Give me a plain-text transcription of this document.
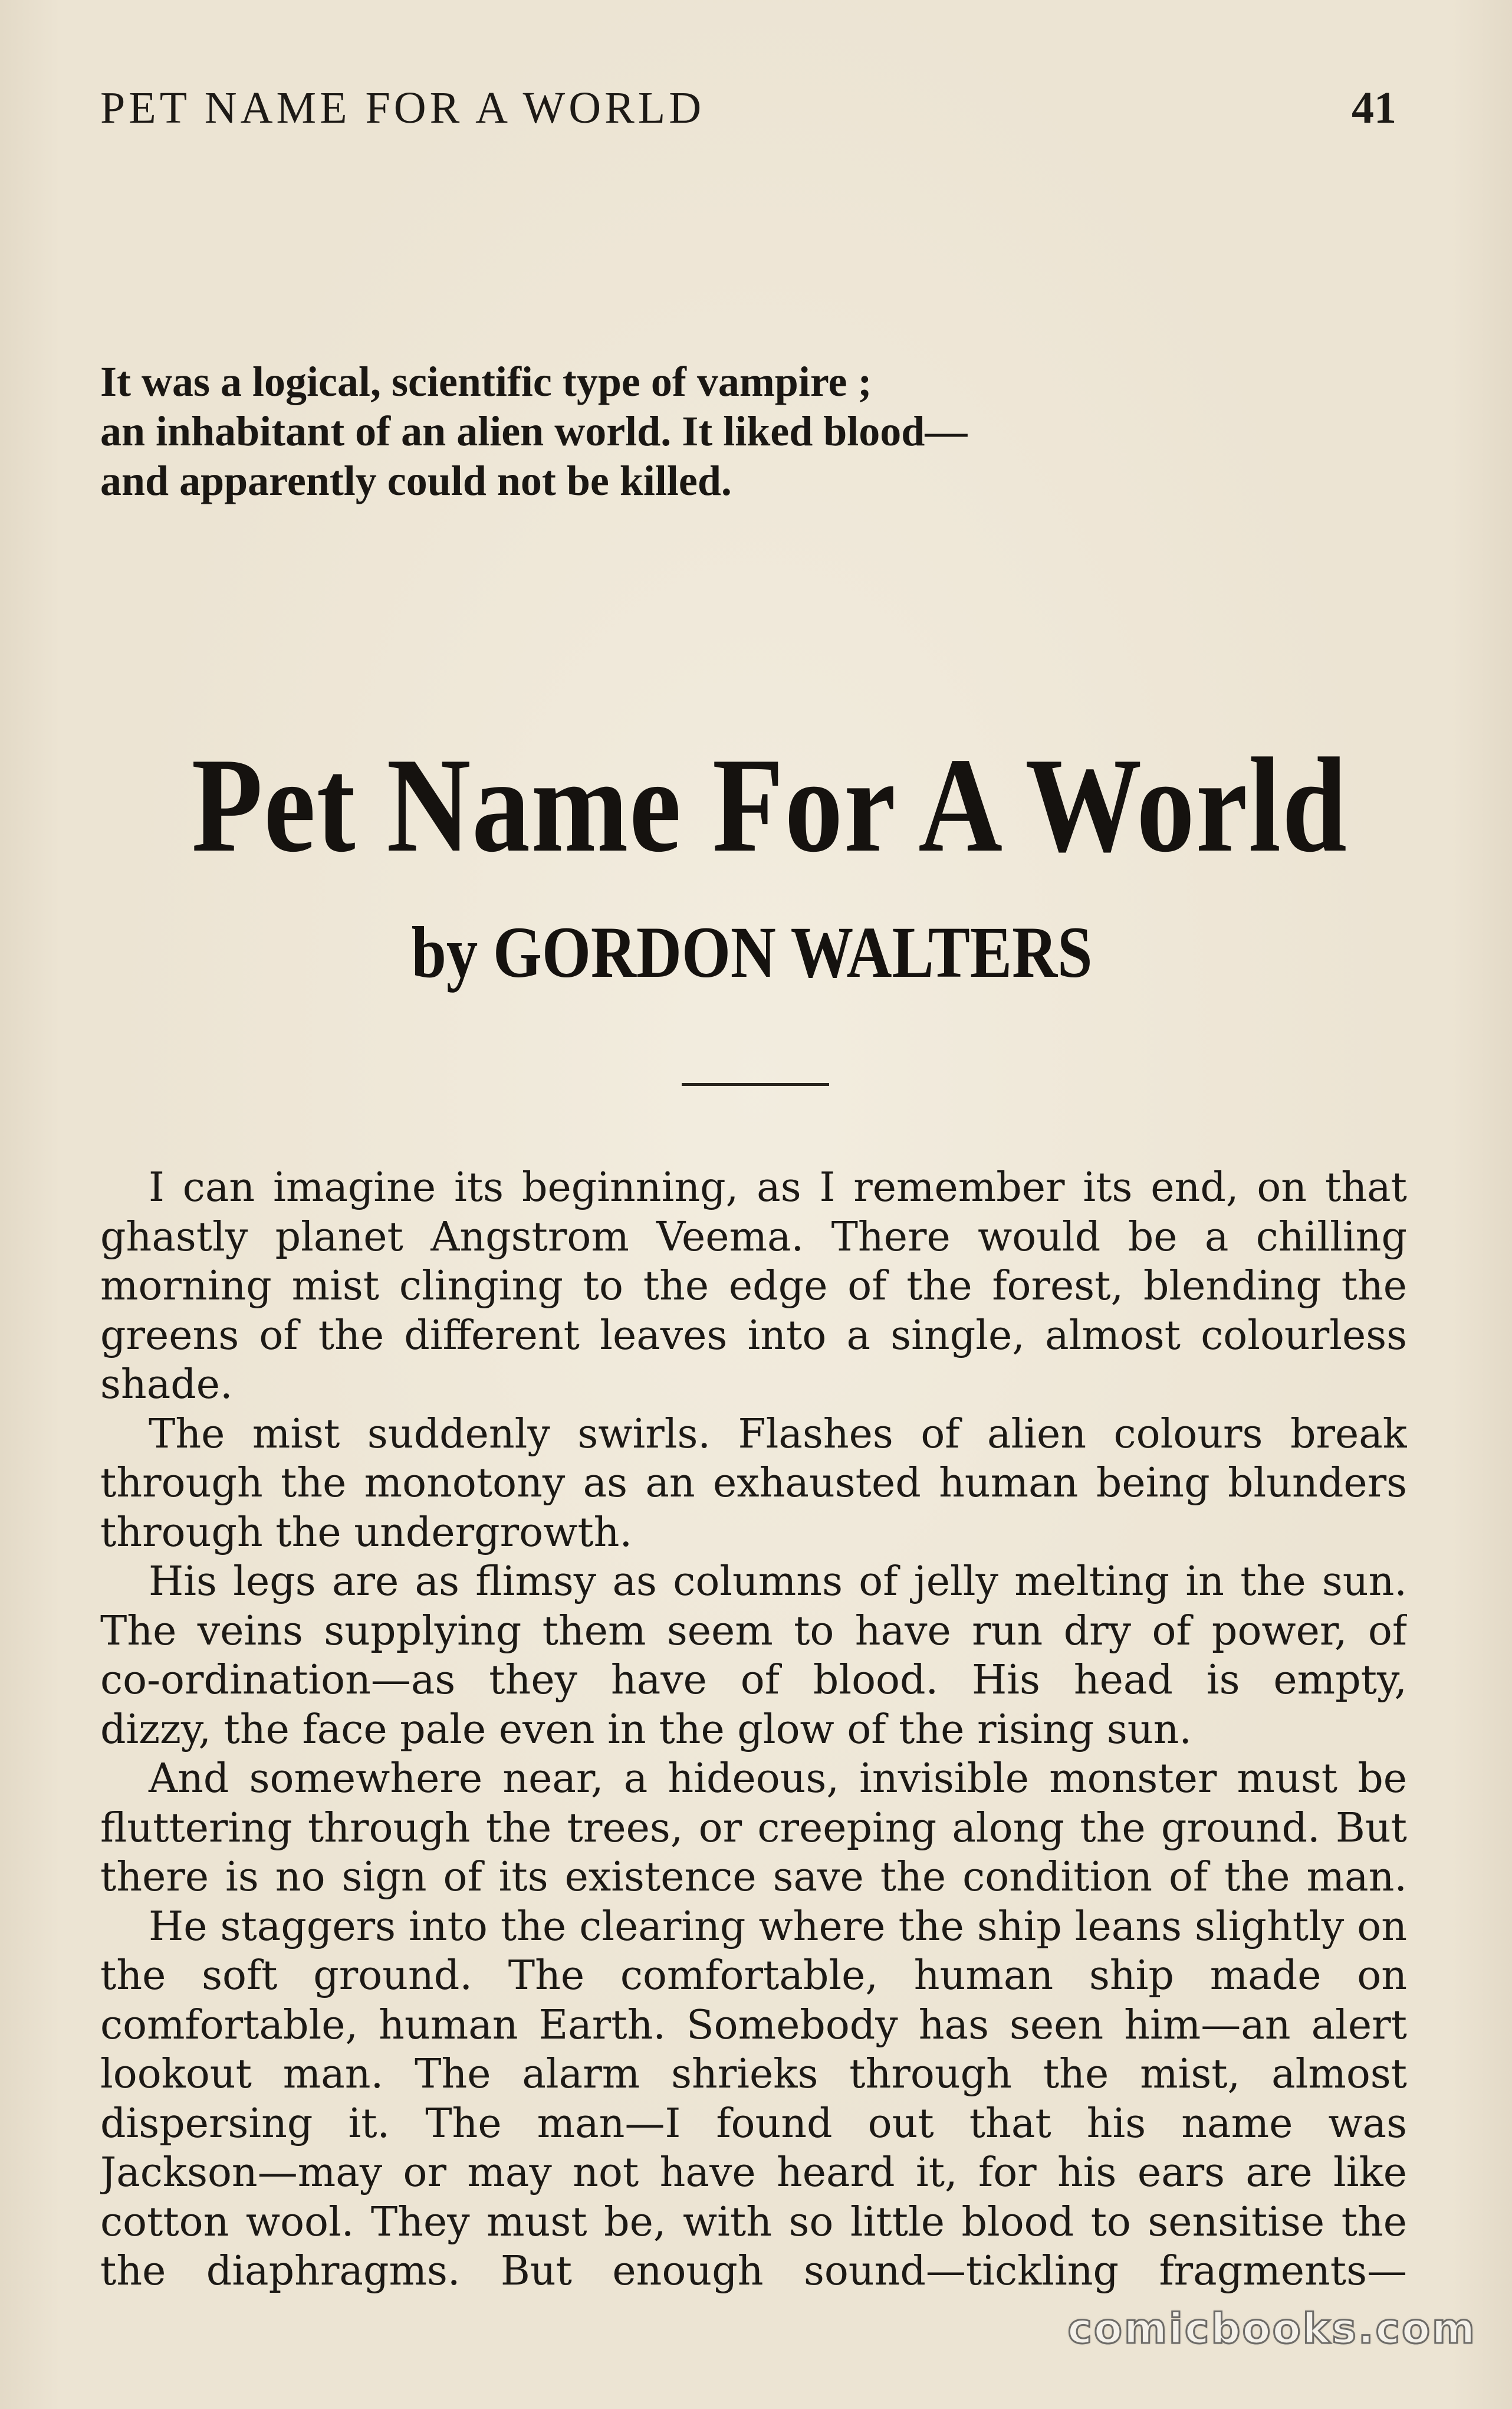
PET NAME FOR A WORLD	41
It was a logical, scientific type of vampire ;
an inhabitant of an alien world. It liked blood—
and apparently could not be killed.
Pet Name For A World
by GORDON WALTERS
I can imagine its beginning, as I remember its end, on that
ghastly planet Angstrom Veema. There would be a chilling
morning mist clinging to the edge of the forest, blending the
greens of the different leaves into a single, almost colourless
shade.
The mist suddenly swirls. Flashes of alien colours break
through the monotony as an exhausted human being blunders
through the undergrowth.
His legs are as flimsy as columns of jelly melting in the sun.
The veins supplying them seem to have run dry of power, of
co-ordination—as they have of blood. His head is empty,
dizzy, the face pale even in the glow of the rising sun.
And somewhere near, a hideous, invisible monster must be
fluttering through the trees, or creeping along the ground. But
there is no sign of its existence save the condition of the man.
He staggers into the clearing where the ship leans slightly on
the soft ground. The comfortable, human ship made on
comfortable, human Earth. Somebody has seen him—an alert
lookout man. The alarm shrieks through the mist, almost
dispersing it. The man—I found out that his name was
Jackson—may or may not have heard it, for his ears are like
cotton wool. They must be, with so little blood to sensitise the
the diaphragms. But enough sound—tickling fragments—
comicbooks.com
